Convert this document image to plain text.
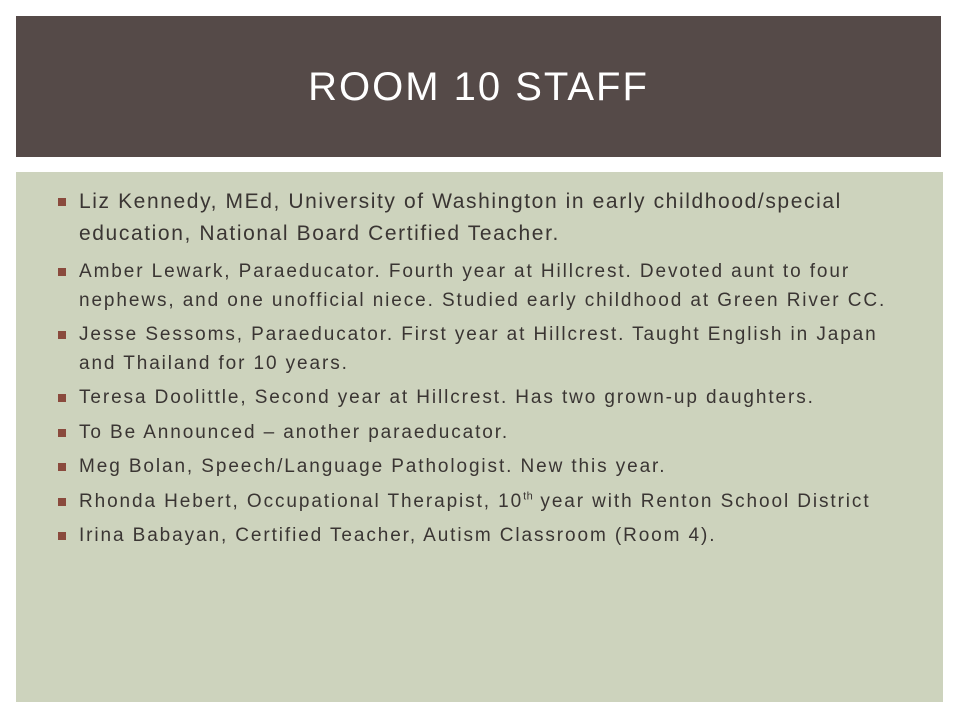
ROOM 10 STAFF
Liz Kennedy, MEd, University of Washington in early childhood/special education, National Board Certified Teacher.
Amber Lewark, Paraeducator. Fourth year at Hillcrest. Devoted aunt to four nephews, and one unofficial niece. Studied early childhood at Green River CC.
Jesse Sessoms, Paraeducator. First year at Hillcrest. Taught English in Japan and Thailand for 10 years.
Teresa Doolittle, Second year at Hillcrest. Has two grown-up daughters.
To Be Announced – another paraeducator.
Meg Bolan, Speech/Language Pathologist. New this year.
Rhonda Hebert, Occupational Therapist, 10th year with Renton School District
Irina Babayan, Certified Teacher, Autism Classroom (Room 4).
